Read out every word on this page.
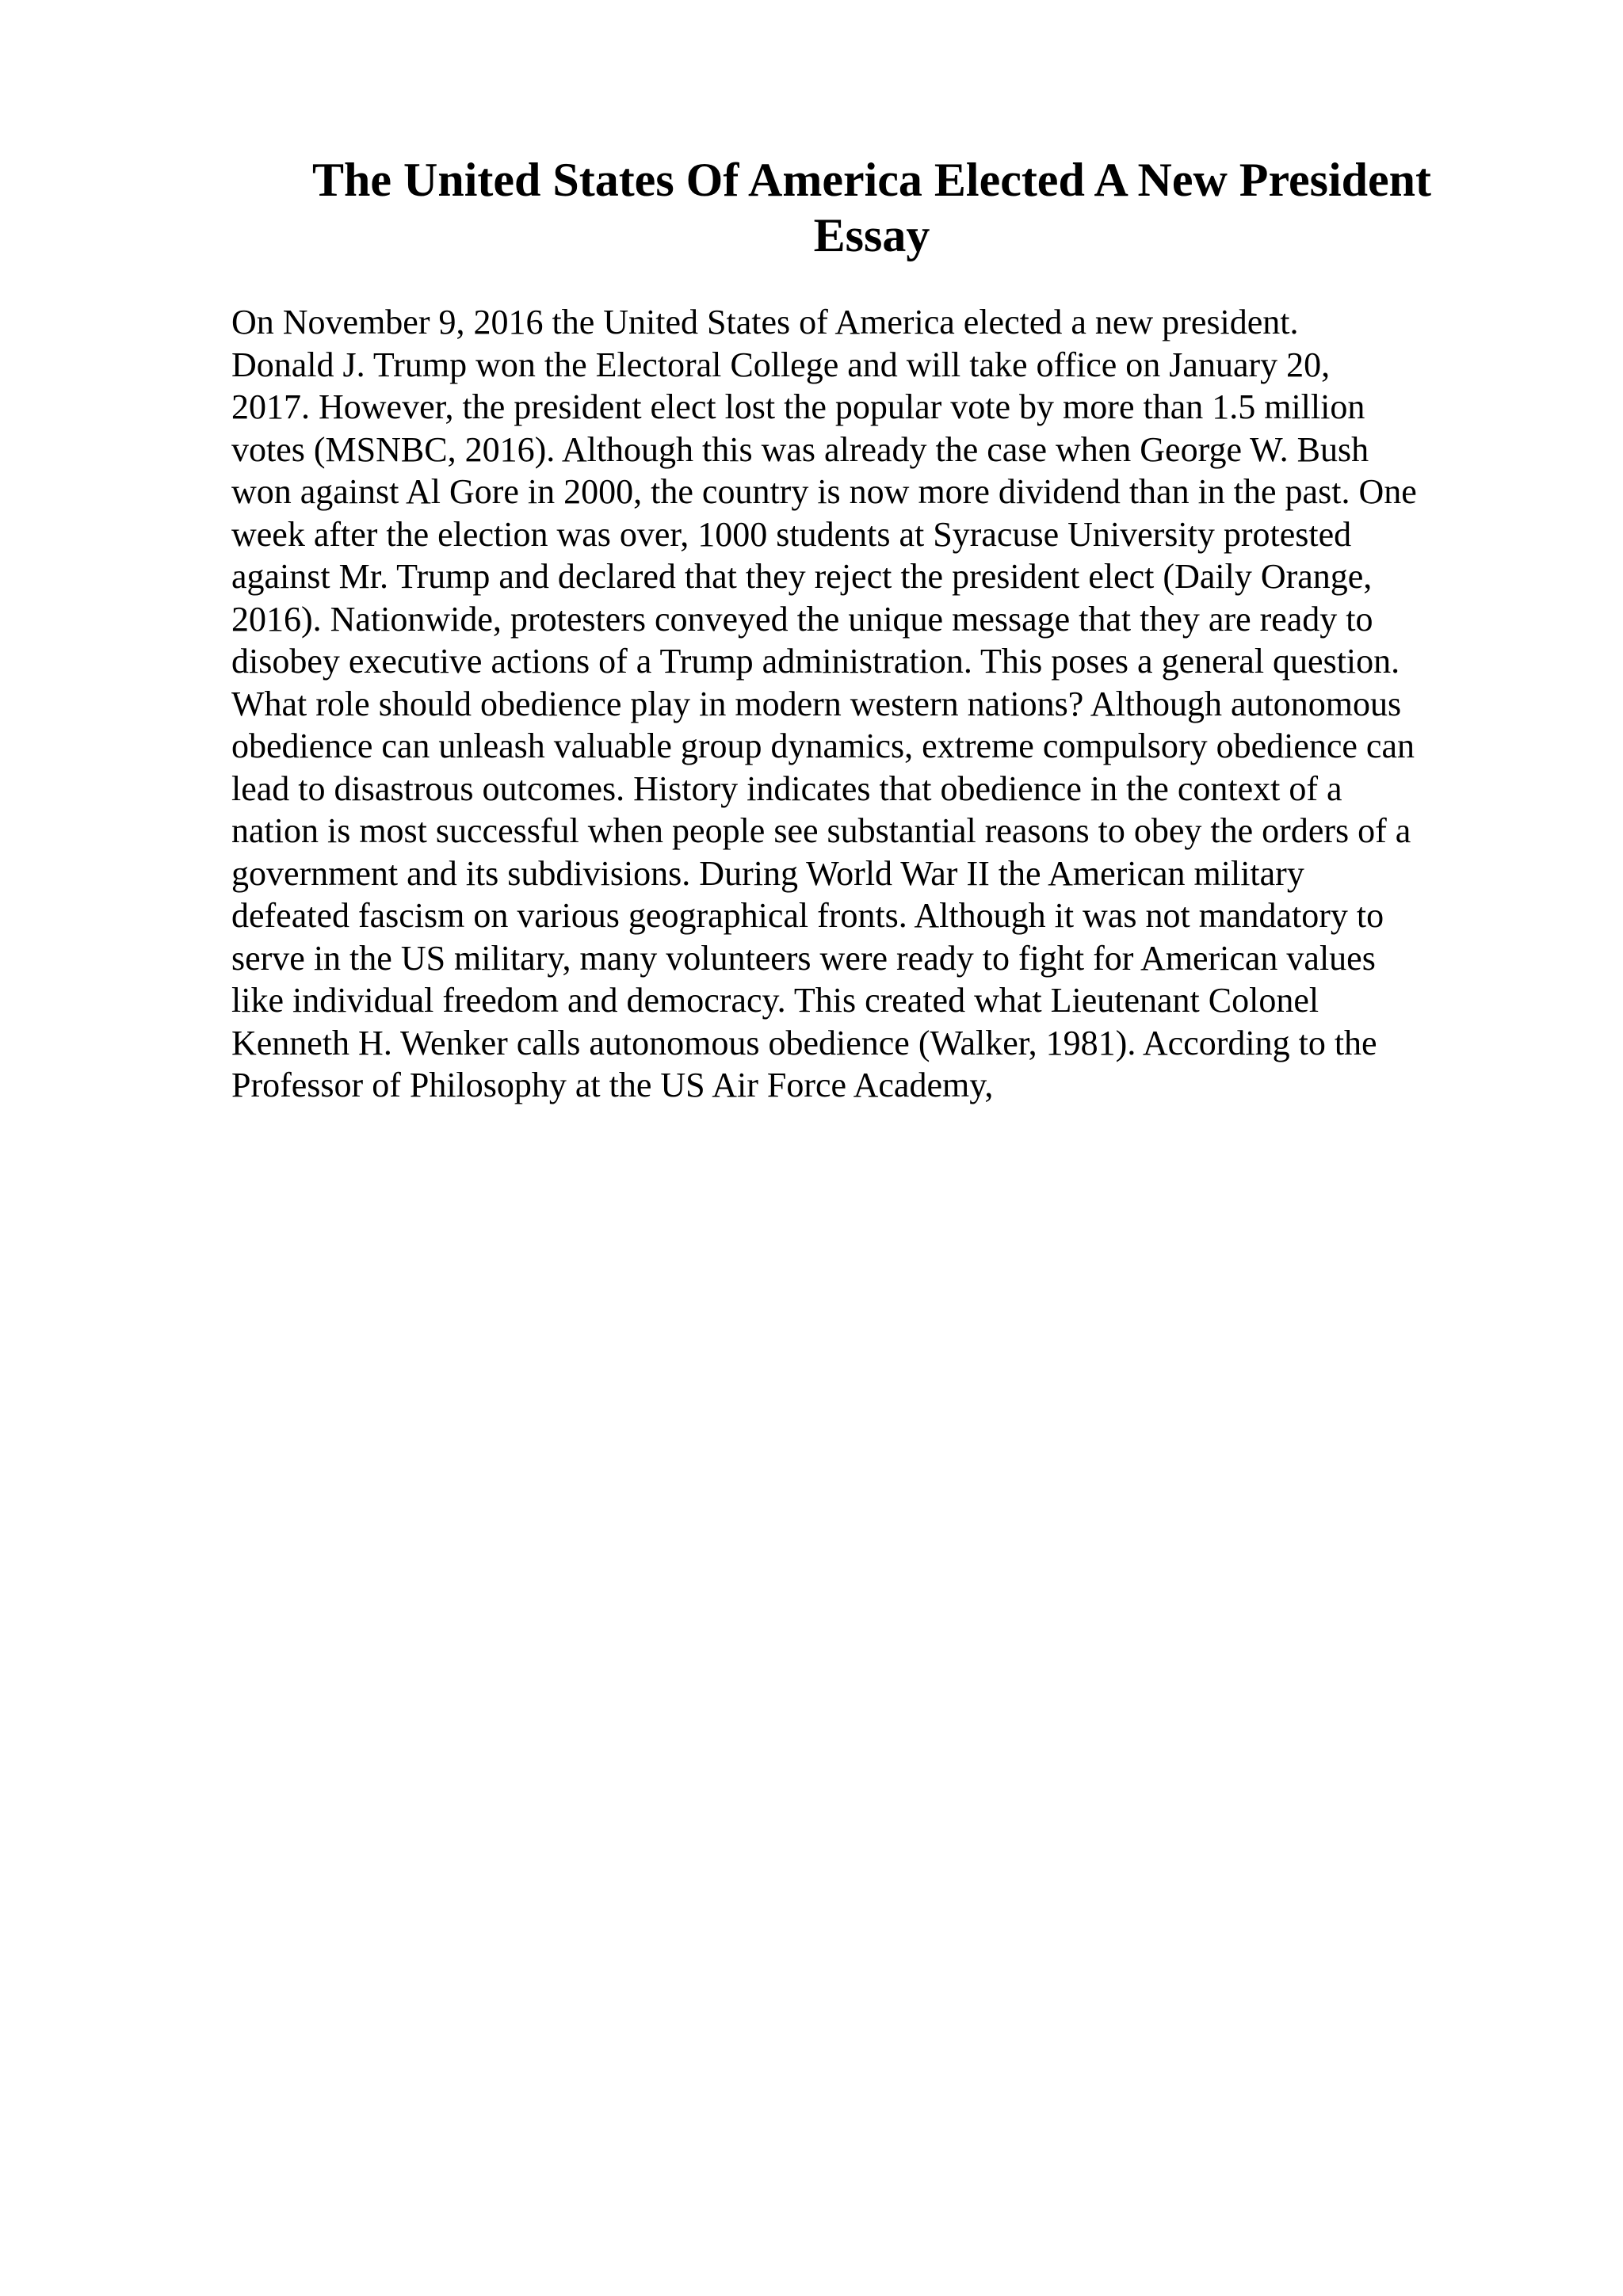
The United States Of America Elected A New President
Essay
On November 9, 2016 the United States of America elected a new president.
Donald J. Trump won the Electoral College and will take office on January 20,
2017. However, the president elect lost the popular vote by more than 1.5 million
votes (MSNBC, 2016). Although this was already the case when George W. Bush
won against Al Gore in 2000, the country is now more dividend than in the past. One
week after the election was over, 1000 students at Syracuse University protested
against Mr. Trump and declared that they reject the president elect (Daily Orange,
2016). Nationwide, protesters conveyed the unique message that they are ready to
disobey executive actions of a Trump administration. This poses a general question.
What role should obedience play in modern western nations? Although autonomous
obedience can unleash valuable group dynamics, extreme compulsory obedience can
lead to disastrous outcomes. History indicates that obedience in the context of a
nation is most successful when people see substantial reasons to obey the orders of a
government and its subdivisions. During World War II the American military
defeated fascism on various geographical fronts. Although it was not mandatory to
serve in the US military, many volunteers were ready to fight for American values
like individual freedom and democracy. This created what Lieutenant Colonel
Kenneth H. Wenker calls autonomous obedience (Walker, 1981). According to the
Professor of Philosophy at the US Air Force Academy,
